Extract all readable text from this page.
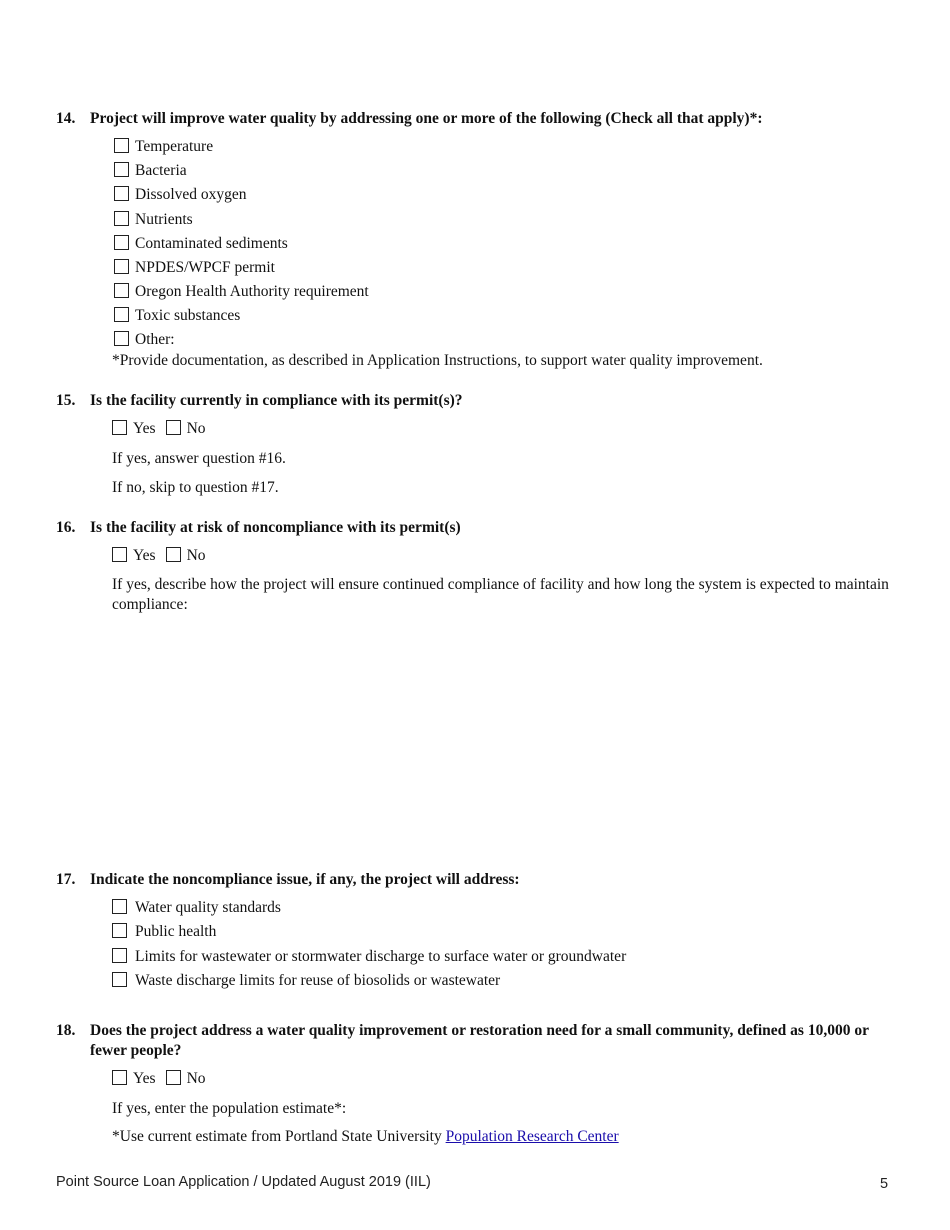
14. Project will improve water quality by addressing one or more of the following (Check all that apply)*:
Temperature
Bacteria
Dissolved oxygen
Nutrients
Contaminated sediments
NPDES/WPCF permit
Oregon Health Authority requirement
Toxic substances
Other:
*Provide documentation, as described in Application Instructions, to support water quality improvement.
15. Is the facility currently in compliance with its permit(s)?
Yes No
If yes, answer question #16.
If no, skip to question #17.
16. Is the facility at risk of noncompliance with its permit(s)
Yes No
If yes, describe how the project will ensure continued compliance of facility and how long the system is expected to maintain compliance:
17. Indicate the noncompliance issue, if any, the project will address:
Water quality standards
Public health
Limits for wastewater or stormwater discharge to surface water or groundwater
Waste discharge limits for reuse of biosolids or wastewater
18. Does the project address a water quality improvement or restoration need for a small community, defined as 10,000 or fewer people?
Yes No
If yes, enter the population estimate*:
*Use current estimate from Portland State University Population Research Center
Point Source Loan Application / Updated August 2019 (IIL)	5
